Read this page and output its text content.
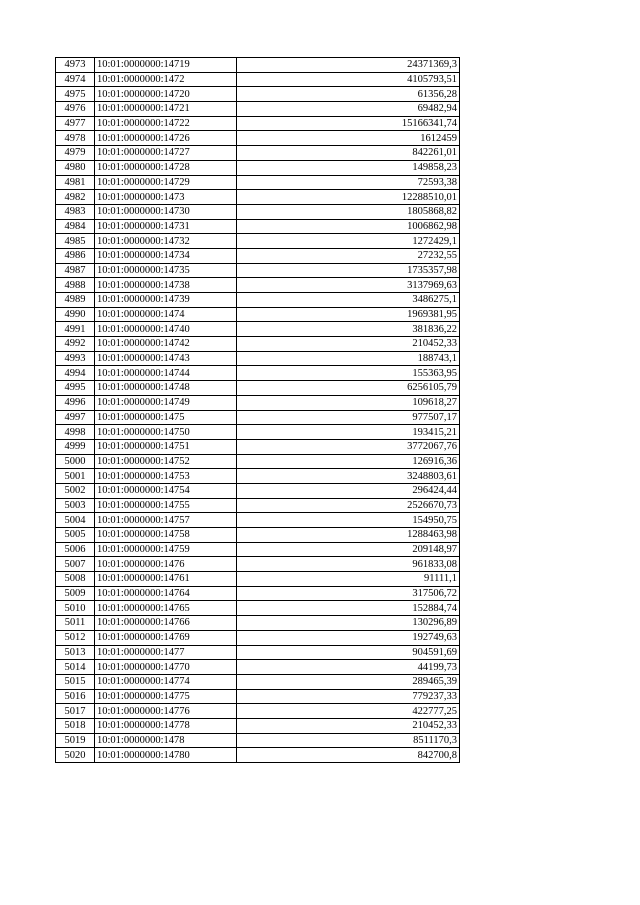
4973	10:01:0000000:14719	24371369,3
4974	10:01:0000000:1472	4105793,51
4975	10:01:0000000:14720	61356,28
4976	10:01:0000000:14721	69482,94
4977	10:01:0000000:14722	15166341,74
4978	10:01:0000000:14726	1612459
4979	10:01:0000000:14727	842261,01
4980	10:01:0000000:14728	149858,23
4981	10:01:0000000:14729	72593,38
4982	10:01:0000000:1473	12288510,01
4983	10:01:0000000:14730	1805868,82
4984	10:01:0000000:14731	1006862,98
4985	10:01:0000000:14732	1272429,1
4986	10:01:0000000:14734	27232,55
4987	10:01:0000000:14735	1735357,98
4988	10:01:0000000:14738	3137969,63
4989	10:01:0000000:14739	3486275,1
4990	10:01:0000000:1474	1969381,95
4991	10:01:0000000:14740	381836,22
4992	10:01:0000000:14742	210452,33
4993	10:01:0000000:14743	188743,1
4994	10:01:0000000:14744	155363,95
4995	10:01:0000000:14748	6256105,79
4996	10:01:0000000:14749	109618,27
4997	10:01:0000000:1475	977507,17
4998	10:01:0000000:14750	193415,21
4999	10:01:0000000:14751	3772067,76
5000	10:01:0000000:14752	126916,36
5001	10:01:0000000:14753	3248803,61
5002	10:01:0000000:14754	296424,44
5003	10:01:0000000:14755	2526670,73
5004	10:01:0000000:14757	154950,75
5005	10:01:0000000:14758	1288463,98
5006	10:01:0000000:14759	209148,97
5007	10:01:0000000:1476	961833,08
5008	10:01:0000000:14761	91111,1
5009	10:01:0000000:14764	317506,72
5010	10:01:0000000:14765	152884,74
5011	10:01:0000000:14766	130296,89
5012	10:01:0000000:14769	192749,63
5013	10:01:0000000:1477	904591,69
5014	10:01:0000000:14770	44199,73
5015	10:01:0000000:14774	289465,39
5016	10:01:0000000:14775	779237,33
5017	10:01:0000000:14776	422777,25
5018	10:01:0000000:14778	210452,33
5019	10:01:0000000:1478	8511170,3
5020	10:01:0000000:14780	842700,8
